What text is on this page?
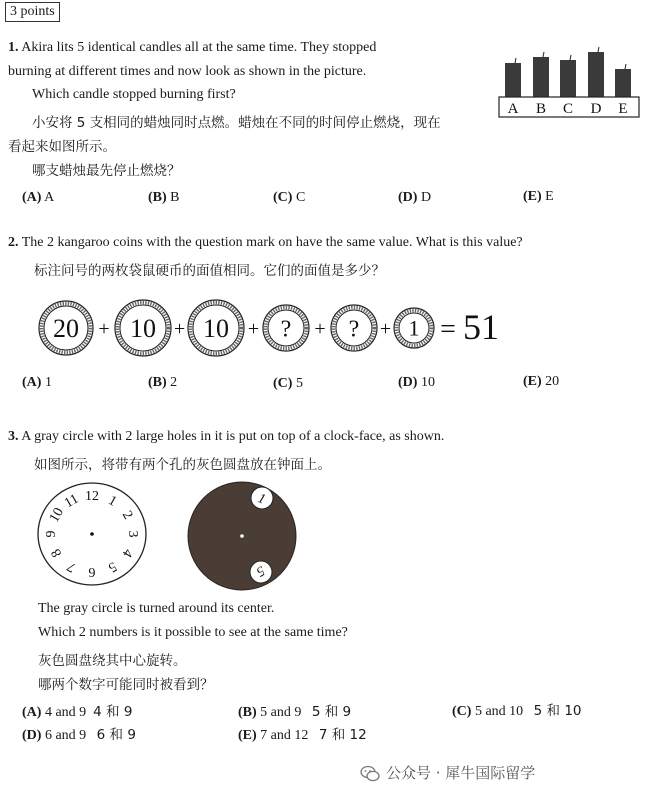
3 points
1. Akira lits 5 identical candles all at the same time. They stopped
burning at different times and now look as shown in the picture.
Which candle stopped burning first?
小安将 5 支相同的蜡烛同时点燃。蜡烛在不同的时间停止燃烧，现在
看起来如图所示。
哪支蜡烛最先停止燃烧？
A B C D E
(A) A	(B) B	(C) C	(D) D	(E) E
2. The 2 kangaroo coins with the question mark on have the same value. What is this value?
标注问号的两枚袋鼠硬币的面值相同。它们的面值是多少？
20 + 10 + 10 + ? + ? + 1 = 51
(A) 1	(B) 2	(C) 5	(D) 10	(E) 20
3. A gray circle with 2 large holes in it is put on top of a clock-face, as shown.
如图所示，将带有两个孔的灰色圆盘放在钟面上。
12 1
2
3
4
5
6
7
8
9
10
11	1
5
The gray circle is turned around its center.
Which 2 numbers is it possible to see at the same time?
灰色圆盘绕其中心旋转。
哪两个数字可能同时被看到？
(A) 4 and 9 4 和 9	(B) 5 and 9 5 和 9	(C) 5 and 10 5 和 10
(D) 6 and 9 6 和 9	(E) 7 and 12 7 和 12
公众号 · 犀牛国际留学
